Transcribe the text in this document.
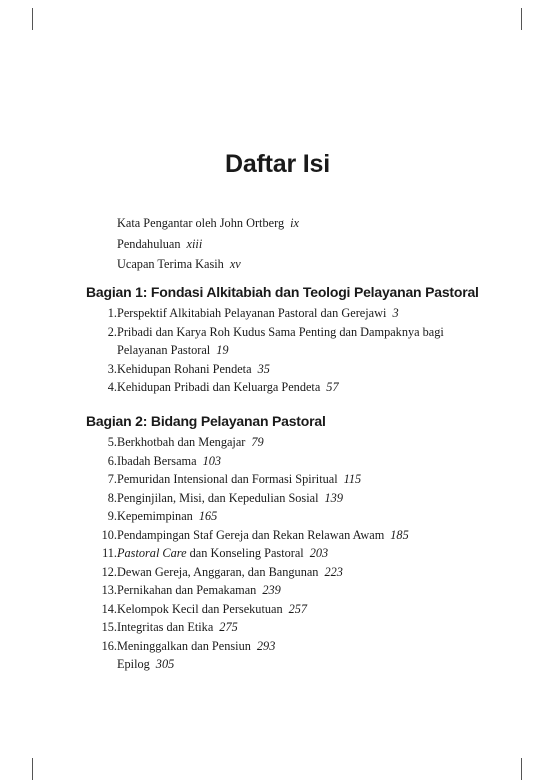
Daftar Isi
Kata Pengantar oleh John Ortberg ix
Pendahuluan xiii
Ucapan Terima Kasih xv
Bagian 1: Fondasi Alkitabiah dan Teologi Pelayanan Pastoral
1. Perspektif Alkitabiah Pelayanan Pastoral dan Gerejawi 3
2. Pribadi dan Karya Roh Kudus Sama Penting dan Dampaknya bagi
Pelayanan Pastoral 19
3. Kehidupan Rohani Pendeta 35
4. Kehidupan Pribadi dan Keluarga Pendeta 57
Bagian 2: Bidang Pelayanan Pastoral
5. Berkhotbah dan Mengajar 79
6. Ibadah Bersama 103
7. Pemuridan Intensional dan Formasi Spiritual 115
8. Penginjilan, Misi, dan Kepedulian Sosial 139
9. Kepemimpinan 165
10. Pendampingan Staf Gereja dan Rekan Relawan Awam 185
11. Pastoral Care dan Konseling Pastoral 203
12. Dewan Gereja, Anggaran, dan Bangunan 223
13. Pernikahan dan Pemakaman 239
14. Kelompok Kecil dan Persekutuan 257
15. Integritas dan Etika 275
16. Meninggalkan dan Pensiun 293
Epilog 305
